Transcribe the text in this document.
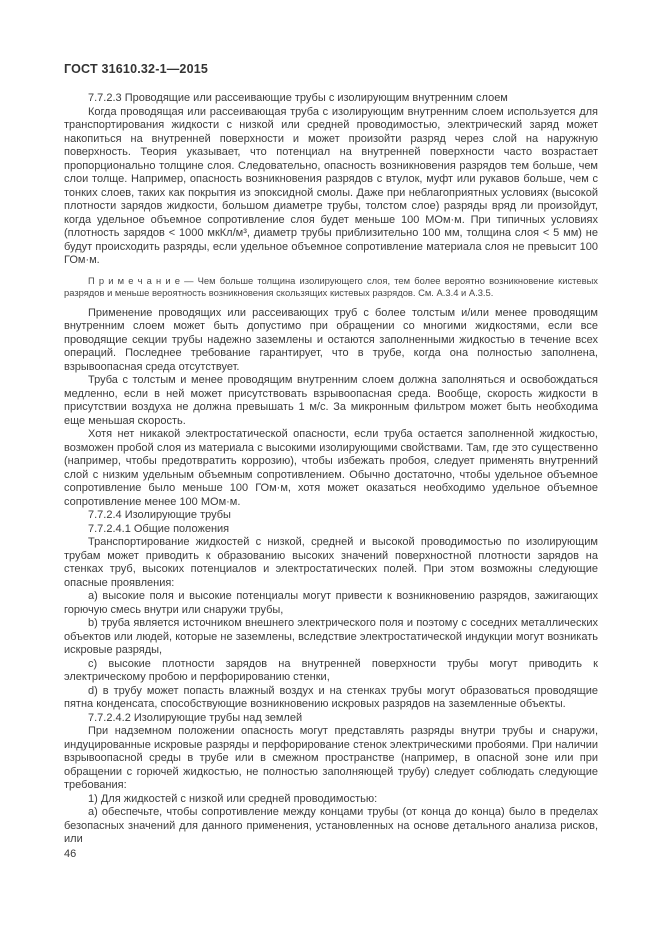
ГОСТ 31610.32-1—2015

7.7.2.3 Проводящие или рассеивающие трубы с изолирующим внутренним слоем

Когда проводящая или рассеивающая труба с изолирующим внутренним слоем используется для транспортирования жидкости с низкой или средней проводимостью, электрический заряд может накопиться на внутренней поверхности и может произойти разряд через слой на наружную поверхность. Теория указывает, что потенциал на внутренней поверхности часто возрастает пропорционально толщине слоя. Следовательно, опасность возникновения разрядов тем больше, чем слои толще. Например, опасность возникновения разрядов с втулок, муфт или рукавов больше, чем с тонких слоев, таких как покрытия из эпоксидной смолы. Даже при неблагоприятных условиях (высокой плотности зарядов жидкости, большом диаметре трубы, толстом слое) разряды вряд ли произойдут, когда удельное объемное сопротивление слоя будет меньше 100 МОм·м. При типичных условиях (плотность зарядов < 1000 мкКл/м³, диаметр трубы приблизительно 100 мм, толщина слоя < 5 мм) не будут происходить разряды, если удельное объемное сопротивление материала слоя не превысит 100 ГОм·м.

П р и м е ч а н и е — Чем больше толщина изолирующего слоя, тем более вероятно возникновение кистевых разрядов и меньше вероятность возникновения скользящих кистевых разрядов. См. А.3.4 и А.3.5.

Применение проводящих или рассеивающих труб с более толстым и/или менее проводящим внутренним слоем может быть допустимо при обращении со многими жидкостями, если все проводящие секции трубы надежно заземлены и остаются заполненными жидкостью в течение всех операций. Последнее требование гарантирует, что в трубе, когда она полностью заполнена, взрывоопасная среда отсутствует.

Труба с толстым и менее проводящим внутренним слоем должна заполняться и освобождаться медленно, если в ней может присутствовать взрывоопасная среда. Вообще, скорость жидкости в присутствии воздуха не должна превышать 1 м/с. За микронным фильтром может быть необходима еще меньшая скорость.

Хотя нет никакой электростатической опасности, если труба остается заполненной жидкостью, возможен пробой слоя из материала с высокими изолирующими свойствами. Там, где это существенно (например, чтобы предотвратить коррозию), чтобы избежать пробоя, следует применять внутренний слой с низким удельным объемным сопротивлением. Обычно достаточно, чтобы удельное объемное сопротивление было меньше 100 ГОм·м, хотя может оказаться необходимо удельное объемное сопротивление менее 100 МОм·м.

7.7.2.4 Изолирующие трубы

7.7.2.4.1 Общие положения

Транспортирование жидкостей с низкой, средней и высокой проводимостью по изолирующим трубам может приводить к образованию высоких значений поверхностной плотности зарядов на стенках труб, высоких потенциалов и электростатических полей. При этом возможны следующие опасные проявления:

a) высокие поля и высокие потенциалы могут привести к возникновению разрядов, зажигающих горючую смесь внутри или снаружи трубы,

b) труба является источником внешнего электрического поля и поэтому с соседних металлических объектов или людей, которые не заземлены, вследствие электростатической индукции могут возникать искровые разряды,

c) высокие плотности зарядов на внутренней поверхности трубы могут приводить к электрическому пробою и перфорированию стенки,

d) в трубу может попасть влажный воздух и на стенках трубы могут образоваться проводящие пятна конденсата, способствующие возникновению искровых разрядов на заземленные объекты.

7.7.2.4.2 Изолирующие трубы над землей

При надземном положении опасность могут представлять разряды внутри трубы и снаружи, индуцированные искровые разряды и перфорирование стенок электрическими пробоями. При наличии взрывоопасной среды в трубе или в смежном пространстве (например, в опасной зоне или при обращении с горючей жидкостью, не полностью заполняющей трубу) следует соблюдать следующие требования:

1) Для жидкостей с низкой или средней проводимостью:

а) обеспечьте, чтобы сопротивление между концами трубы (от конца до конца) было в пределах безопасных значений для данного применения, установленных на основе детального анализа рисков, или

46
